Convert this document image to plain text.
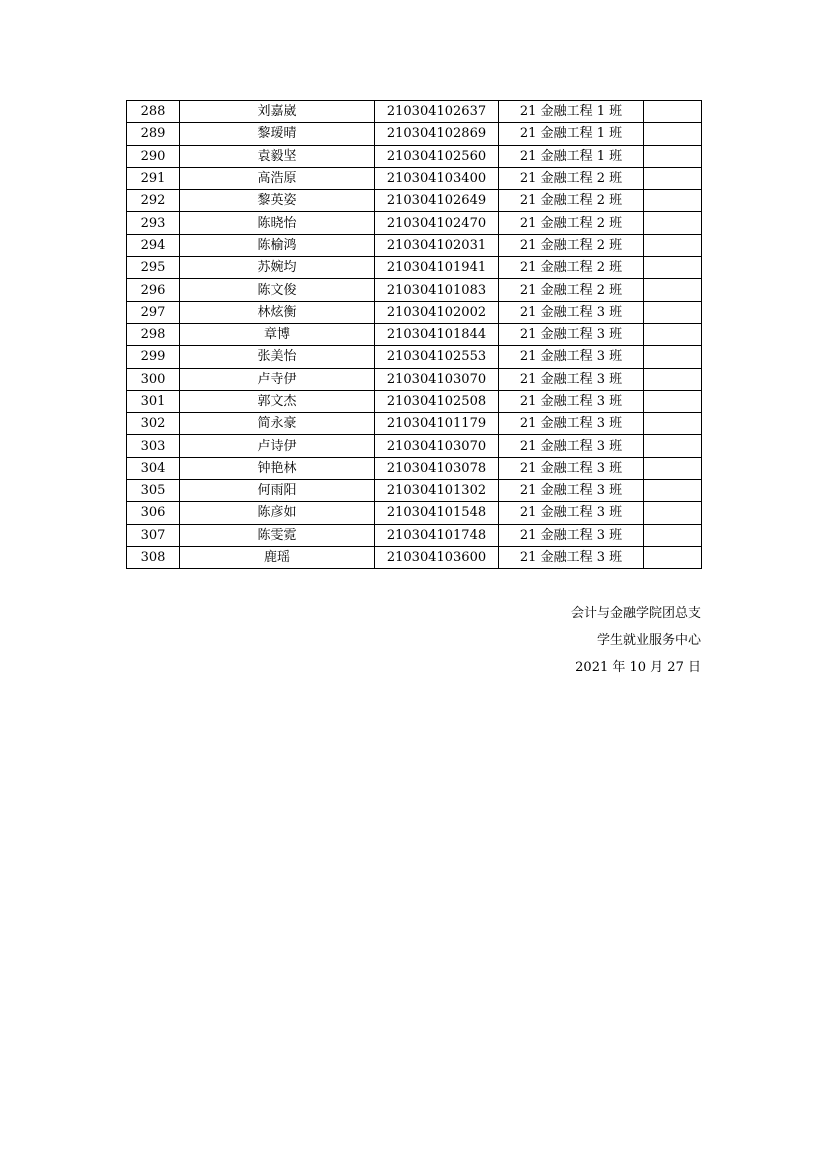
288	刘嘉崴	210304102637	21 金融工程 1 班	
289	黎瑷晴	210304102869	21 金融工程 1 班	
290	袁毅坚	210304102560	21 金融工程 1 班	
291	高浩原	210304103400	21 金融工程 2 班	
292	黎英姿	210304102649	21 金融工程 2 班	
293	陈晓怡	210304102470	21 金融工程 2 班	
294	陈榆鸿	210304102031	21 金融工程 2 班	
295	苏婉均	210304101941	21 金融工程 2 班	
296	陈文俊	210304101083	21 金融工程 2 班	
297	林炫衡	210304102002	21 金融工程 3 班	
298	章博	210304101844	21 金融工程 3 班	
299	张美怡	210304102553	21 金融工程 3 班	
300	卢寺伊	210304103070	21 金融工程 3 班	
301	郭文杰	210304102508	21 金融工程 3 班	
302	简永豪	210304101179	21 金融工程 3 班	
303	卢诗伊	210304103070	21 金融工程 3 班	
304	钟艳林	210304103078	21 金融工程 3 班	
305	何雨阳	210304101302	21 金融工程 3 班	
306	陈彦如	210304101548	21 金融工程 3 班	
307	陈雯霓	210304101748	21 金融工程 3 班	
308	鹿瑶	210304103600	21 金融工程 3 班	
会计与金融学院团总支
学生就业服务中心
2021 年 10 月 27 日
